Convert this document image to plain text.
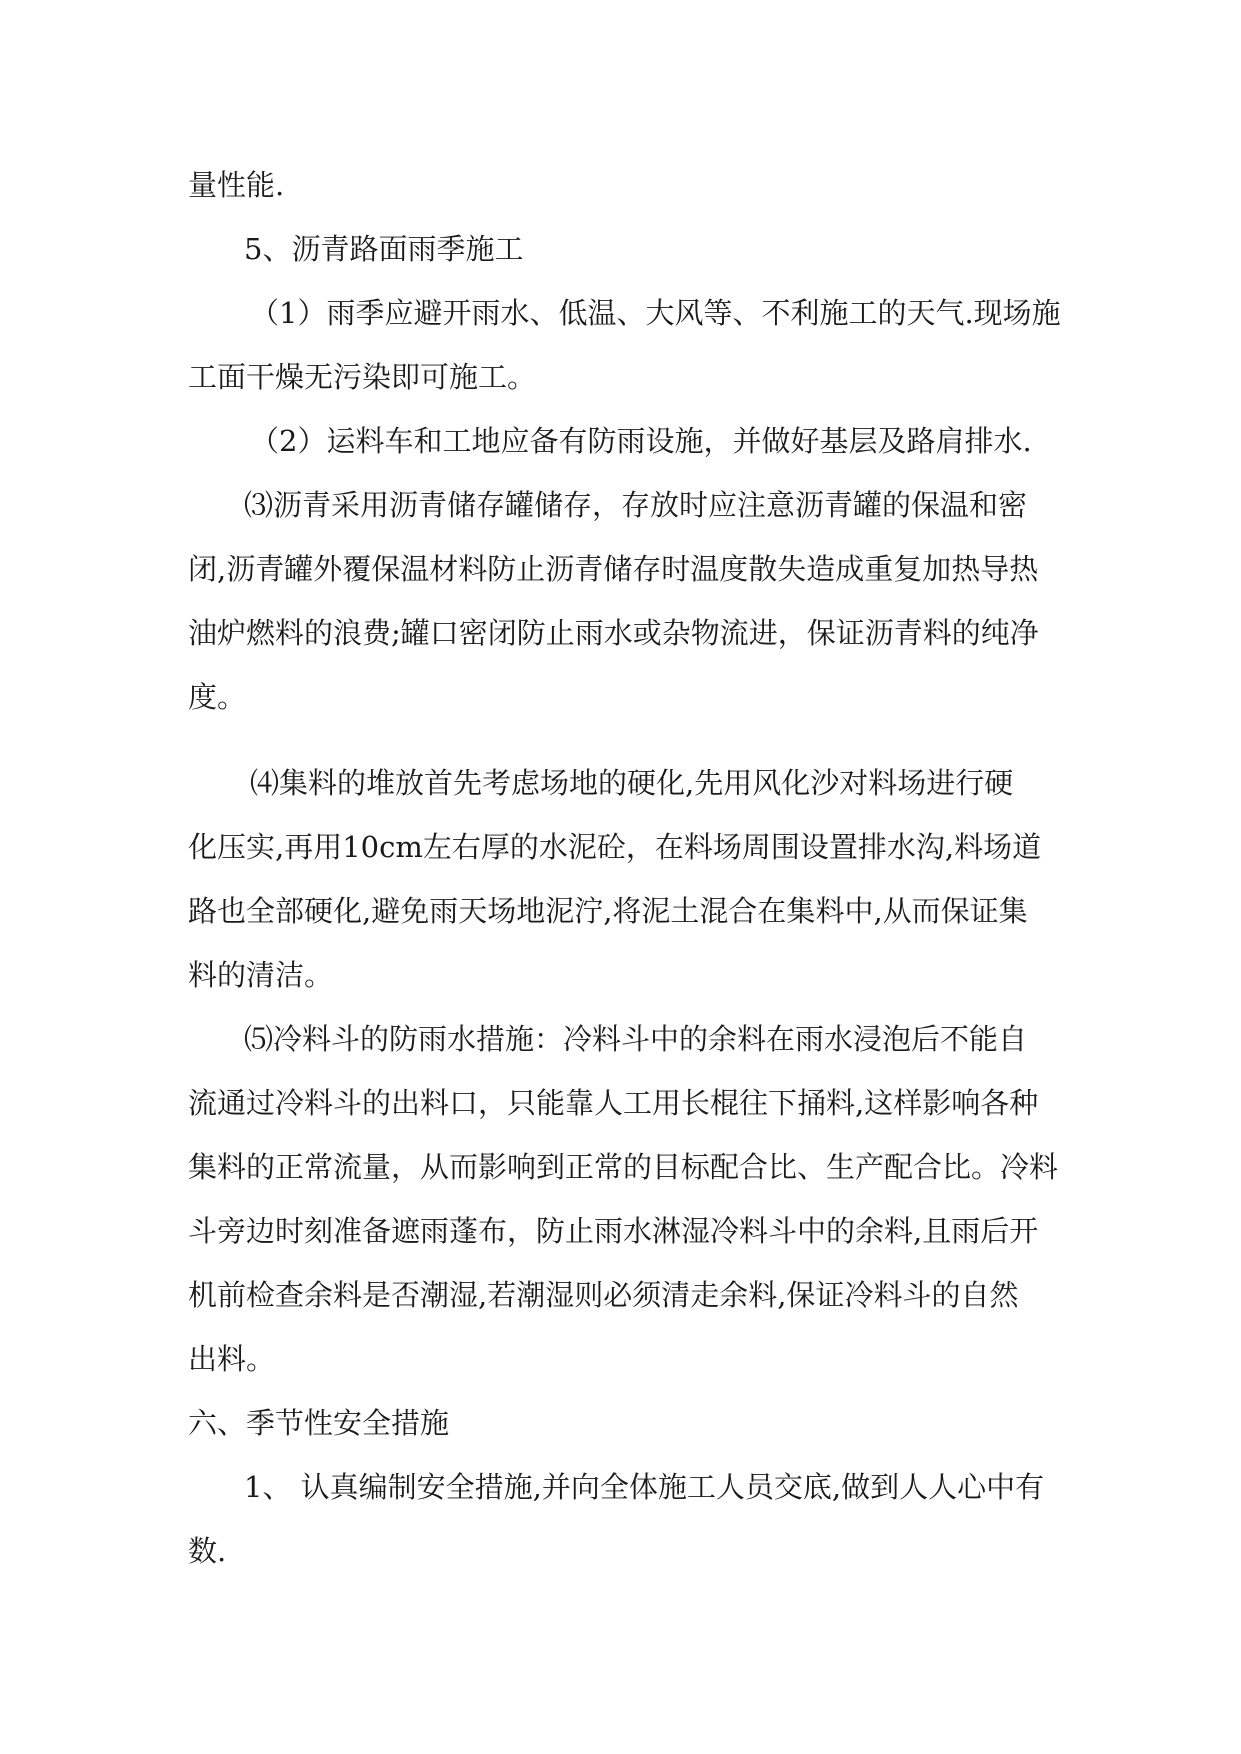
量性能.

5、沥青路面雨季施工

（1）雨季应避开雨水、低温、大风等、不利施工的天气.现场施

工面干燥无污染即可施工。

（2）运料车和工地应备有防雨设施，并做好基层及路肩排水.

⑶沥青采用沥青储存罐储存，存放时应注意沥青罐的保温和密

闭,沥青罐外覆保温材料防止沥青储存时温度散失造成重复加热导热

油炉燃料的浪费;罐口密闭防止雨水或杂物流进，保证沥青料的纯净

度。

⑷集料的堆放首先考虑场地的硬化,先用风化沙对料场进行硬

化压实,再用10cm左右厚的水泥砼，在料场周围设置排水沟,料场道

路也全部硬化,避免雨天场地泥泞,将泥土混合在集料中,从而保证集

料的清洁。

⑸冷料斗的防雨水措施：冷料斗中的余料在雨水浸泡后不能自

流通过冷料斗的出料口，只能靠人工用长棍往下捅料,这样影响各种

集料的正常流量，从而影响到正常的目标配合比、生产配合比。冷料

斗旁边时刻准备遮雨蓬布，防止雨水淋湿冷料斗中的余料,且雨后开

机前检查余料是否潮湿,若潮湿则必须清走余料,保证冷料斗的自然

出料。

六、季节性安全措施

1、 认真编制安全措施,并向全体施工人员交底,做到人人心中有

数.
